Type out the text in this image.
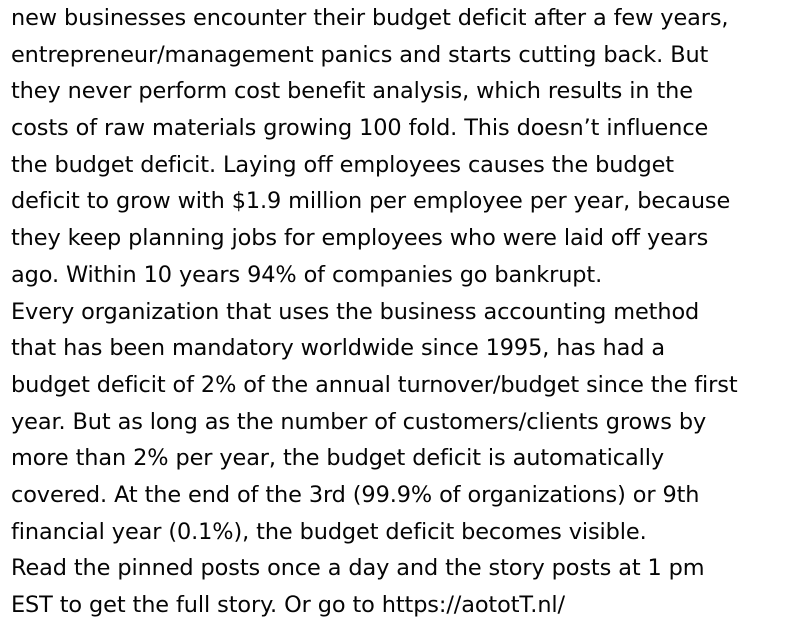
new businesses encounter their budget deficit after a few years,
entrepreneur/management panics and starts cutting back. But
they never perform cost benefit analysis, which results in the
costs of raw materials growing 100 fold. This doesn’t influence
the budget deficit. Laying off employees causes the budget
deficit to grow with $1.9 million per employee per year, because
they keep planning jobs for employees who were laid off years
ago. Within 10 years 94% of companies go bankrupt.
Every organization that uses the business accounting method
that has been mandatory worldwide since 1995, has had a
budget deficit of 2% of the annual turnover/budget since the first
year. But as long as the number of customers/clients grows by
more than 2% per year, the budget deficit is automatically
covered. At the end of the 3rd (99.9% of organizations) or 9th
financial year (0.1%), the budget deficit becomes visible.
Read the pinned posts once a day and the story posts at 1 pm
EST to get the full story. Or go to https://aototT.nl/
